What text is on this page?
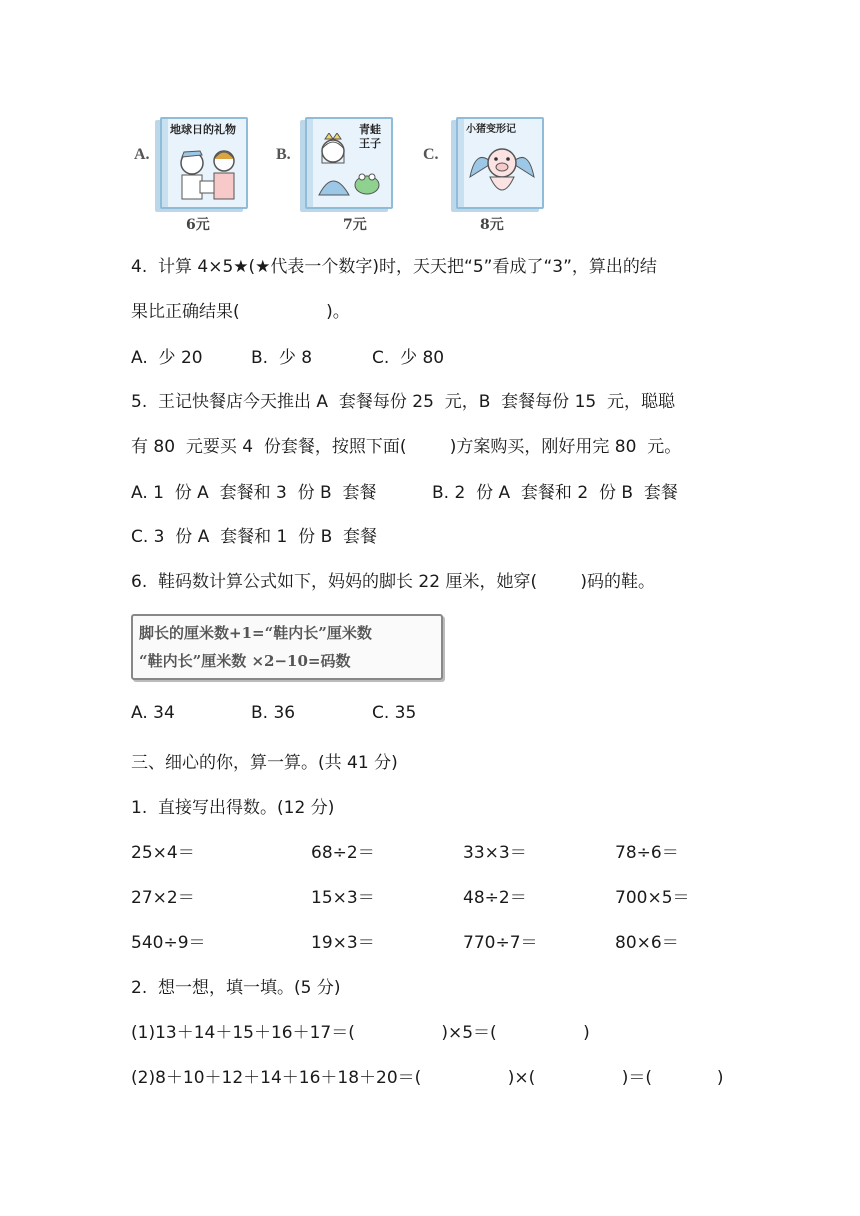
A.
地球日的礼物
6元
B.
青蛙
王子
7元
C.
小猪变形记
8元
4.  计算 4×5★(★代表一个数字)时，天天把“5”看成了“3”，算出的结
果比正确结果(                )。
A.  少 20	B.  少 8	C.  少 80
5.  王记快餐店今天推出 A  套餐每份 25  元，B  套餐每份 15  元，聪聪
有 80  元要买 4  份套餐，按照下面(        )方案购买，刚好用完 80  元。
A. 1  份 A  套餐和 3  份 B  套餐	B. 2  份 A  套餐和 2  份 B  套餐
C. 3  份 A  套餐和 1  份 B  套餐
6.  鞋码数计算公式如下，妈妈的脚长 22 厘米，她穿(        )码的鞋。
脚长的厘米数+1=“鞋内长”厘米数
“鞋内长”厘米数 ×2−10=码数
A. 34	B. 36	C. 35
三、细心的你，算一算。(共 41 分)
1.  直接写出得数。(12 分)
25×4＝	68÷2＝	33×3＝	78÷6＝
27×2＝	15×3＝	48÷2＝	700×5＝
540÷9＝	19×3＝	770÷7＝	80×6＝
2.  想一想，填一填。(5 分)
(1)13＋14＋15＋16＋17＝(                )×5＝(                )
(2)8＋10＋12＋14＋16＋18＋20＝(                )×(                )＝(            )
